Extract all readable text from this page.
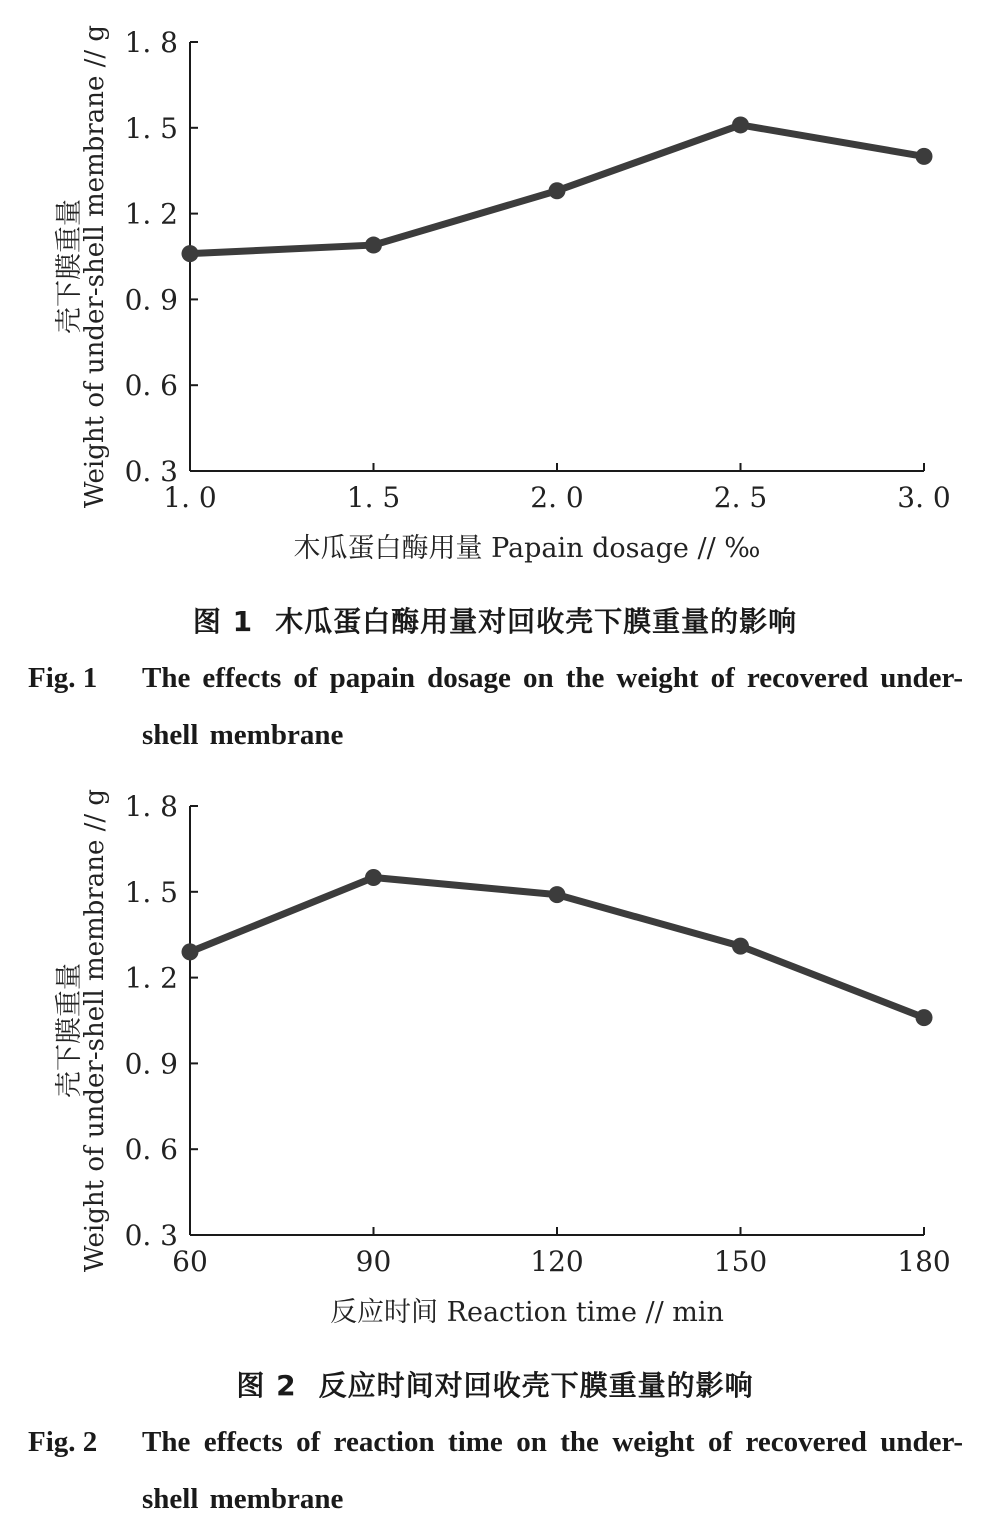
0. 3
0. 6
0. 9
1. 2
1. 5
1. 8
1. 0	1. 5	2. 0	2. 5	3. 0
木瓜蛋白酶用量 Papain dosage // ‰
壳下膜重量
Weight of under-shell membrane // g
图 1 木瓜蛋白酶用量对回收壳下膜重量的影响
Fig. 1 The effects of papain dosage on the weight of recovered under-shell membrane
0. 3
0. 6
0. 9
1. 2
1. 5
1. 8
60	90	120	150	180
反应时间 Reaction time // min
壳下膜重量
Weight of under-shell membrane // g
图 2 反应时间对回收壳下膜重量的影响
Fig. 2 The effects of reaction time on the weight of recovered under-shell membrane
